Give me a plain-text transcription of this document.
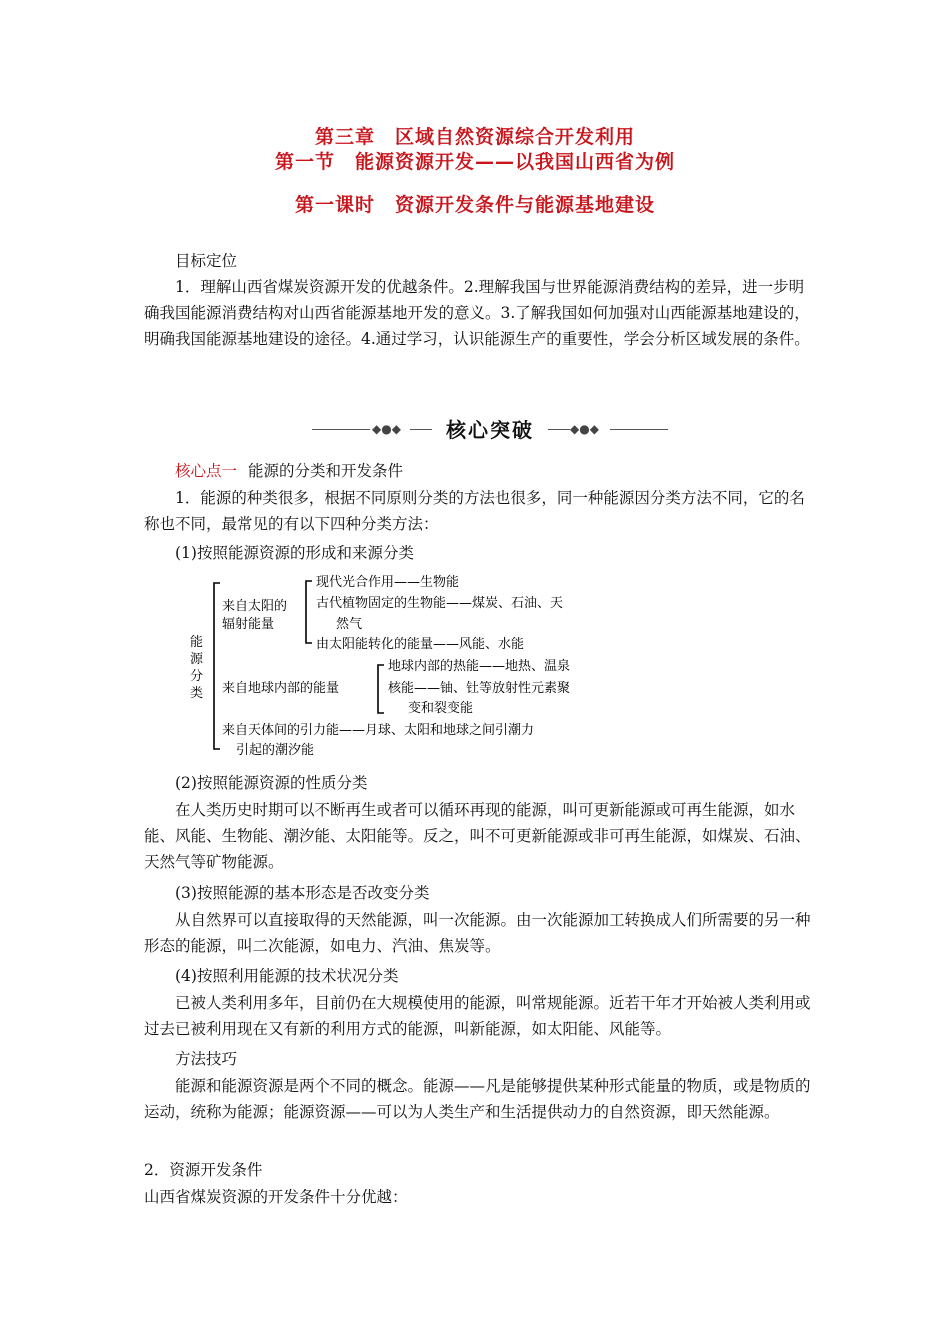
第三章　区域自然资源综合开发利用
第一节　能源资源开发——以我国山西省为例
第一课时　资源开发条件与能源基地建设
目标定位
1．理解山西省煤炭资源开发的优越条件。2.理解我国与世界能源消费结构的差异，进一步明确我国能源消费结构对山西省能源基地开发的意义。3.了解我国如何加强对山西能源基地建设的，明确我国能源基地建设的途径。4.通过学习，认识能源生产的重要性，学会分析区域发展的条件。
◆●◆	核心突破	◆●◆
核心点一 能源的分类和开发条件
1．能源的种类很多，根据不同原则分类的方法也很多，同一种能源因分类方法不同，它的名称也不同，最常见的有以下四种分类方法：
(1)按照能源资源的形成和来源分类
能
源
分
类
来自太阳的
辐射能量
现代光合作用——生物能
古代植物固定的生物能——煤炭、石油、天
然气
由太阳能转化的能量——风能、水能
来自地球内部的能量
地球内部的热能——地热、温泉
核能——铀、钍等放射性元素聚
变和裂变能
来自天体间的引力能——月球、太阳和地球之间引潮力
引起的潮汐能
(2)按照能源资源的性质分类
在人类历史时期可以不断再生或者可以循环再现的能源，叫可更新能源或可再生能源，如水能、风能、生物能、潮汐能、太阳能等。反之，叫不可更新能源或非可再生能源，如煤炭、石油、天然气等矿物能源。
(3)按照能源的基本形态是否改变分类
从自然界可以直接取得的天然能源，叫一次能源。由一次能源加工转换成人们所需要的另一种形态的能源，叫二次能源，如电力、汽油、焦炭等。
(4)按照利用能源的技术状况分类
已被人类利用多年，目前仍在大规模使用的能源，叫常规能源。近若干年才开始被人类利用或过去已被利用现在又有新的利用方式的能源，叫新能源，如太阳能、风能等。
方法技巧
能源和能源资源是两个不同的概念。能源——凡是能够提供某种形式能量的物质，或是物质的运动，统称为能源；能源资源——可以为人类生产和生活提供动力的自然资源，即天然能源。
2．资源开发条件
山西省煤炭资源的开发条件十分优越：
